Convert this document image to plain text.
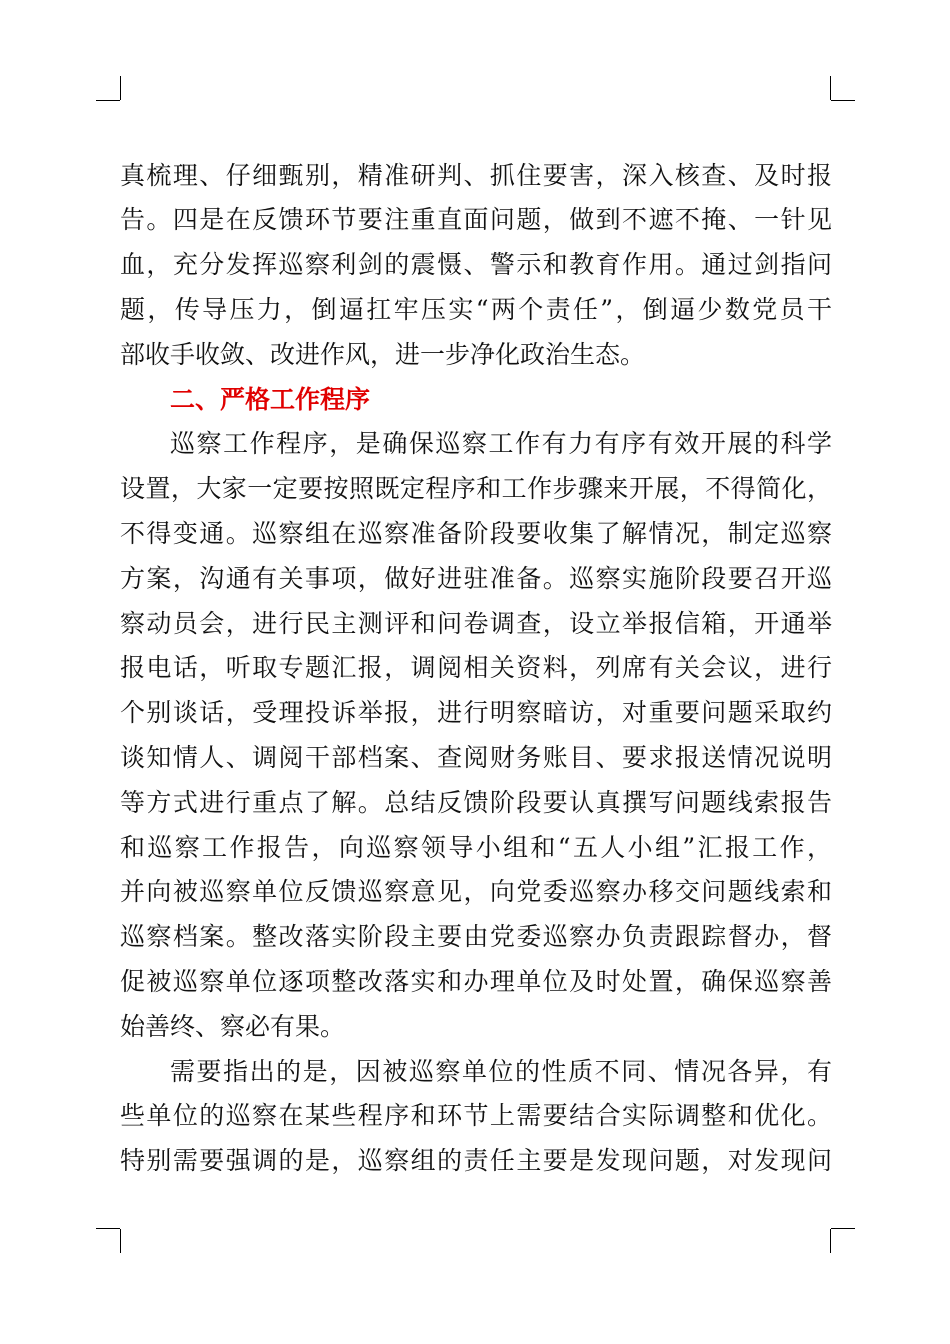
真梳理、仔细甄别，精准研判、抓住要害，深入核查、及时报
告。四是在反馈环节要注重直面问题，做到不遮不掩、一针见
血，充分发挥巡察利剑的震慑、警示和教育作用。通过剑指问
题，传导压力，倒逼扛牢压实“两个责任”，倒逼少数党员干
部收手收敛、改进作风，进一步净化政治生态。
二、严格工作程序
巡察工作程序，是确保巡察工作有力有序有效开展的科学
设置，大家一定要按照既定程序和工作步骤来开展，不得简化，
不得变通。巡察组在巡察准备阶段要收集了解情况，制定巡察
方案，沟通有关事项，做好进驻准备。巡察实施阶段要召开巡
察动员会，进行民主测评和问卷调查，设立举报信箱，开通举
报电话，听取专题汇报，调阅相关资料，列席有关会议，进行
个别谈话，受理投诉举报，进行明察暗访，对重要问题采取约
谈知情人、调阅干部档案、查阅财务账目、要求报送情况说明
等方式进行重点了解。总结反馈阶段要认真撰写问题线索报告
和巡察工作报告，向巡察领导小组和“五人小组”汇报工作，
并向被巡察单位反馈巡察意见，向党委巡察办移交问题线索和
巡察档案。整改落实阶段主要由党委巡察办负责跟踪督办，督
促被巡察单位逐项整改落实和办理单位及时处置，确保巡察善
始善终、察必有果。
需要指出的是，因被巡察单位的性质不同、情况各异，有
些单位的巡察在某些程序和环节上需要结合实际调整和优化。
特别需要强调的是，巡察组的责任主要是发现问题，对发现问
